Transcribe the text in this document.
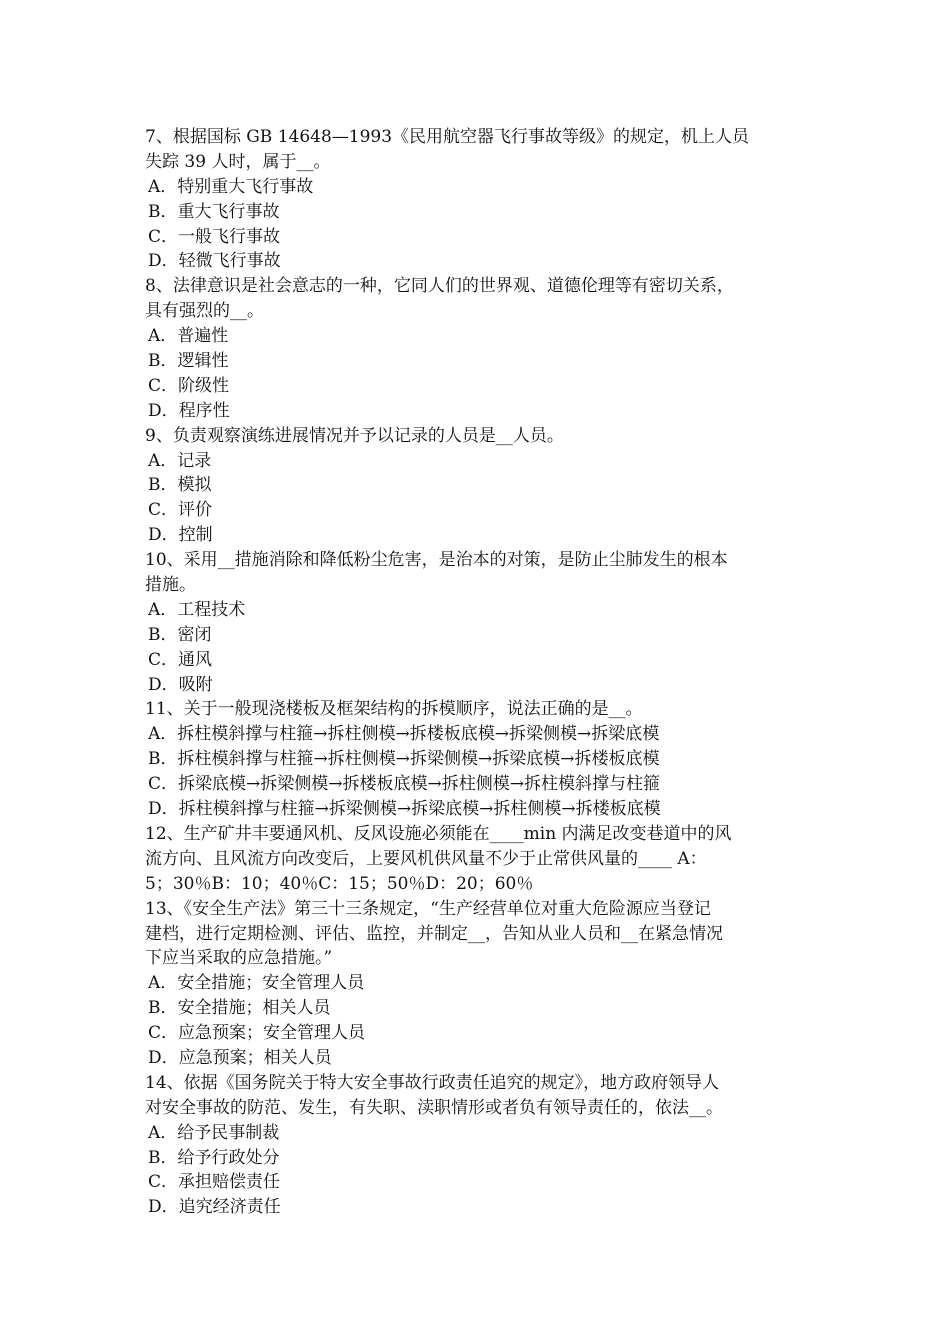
7、根据国标 GB 14648—1993《民用航空器飞行事故等级》的规定，机上人员
失踪 39 人时，属于__。
A．特别重大飞行事故
B．重大飞行事故
C．一般飞行事故
D．轻微飞行事故
8、法律意识是社会意志的一种，它同人们的世界观、道德伦理等有密切关系，
具有强烈的__。
A．普遍性
B．逻辑性
C．阶级性
D．程序性
9、负责观察演练进展情况并予以记录的人员是__人员。
A．记录
B．模拟
C．评价
D．控制
10、采用__措施消除和降低粉尘危害，是治本的对策，是防止尘肺发生的根本
措施。
A．工程技术
B．密闭
C．通风
D．吸附
11、关于一般现浇楼板及框架结构的拆模顺序，说法正确的是__。
A．拆柱模斜撑与柱箍→拆柱侧模→拆楼板底模→拆梁侧模→拆梁底模
B．拆柱模斜撑与柱箍→拆柱侧模→拆梁侧模→拆梁底模→拆楼板底模
C．拆梁底模→拆梁侧模→拆楼板底模→拆柱侧模→拆柱模斜撑与柱箍
D．拆柱模斜撑与柱箍→拆梁侧模→拆梁底模→拆柱侧模→拆楼板底模
12、生产矿井丰要通风机、反风设施必须能在____min 内满足改变巷道中的风
流方向、且风流方向改变后，上要风机供风量不少于止常供风量的____ A：
5；30％B：10；40％C：15；50％D：20；60％
13、《安全生产法》第三十三条规定，“生产经营单位对重大危险源应当登记
建档，进行定期检测、评估、监控，并制定__，告知从业人员和__在紧急情况
下应当采取的应急措施。”
A．安全措施；安全管理人员
B．安全措施；相关人员
C．应急预案；安全管理人员
D．应急预案；相关人员
14、依据《国务院关于特大安全事故行政责任追究的规定》，地方政府领导人
对安全事故的防范、发生，有失职、渎职情形或者负有领导责任的，依法__。
A．给予民事制裁
B．给予行政处分
C．承担赔偿责任
D．追究经济责任
